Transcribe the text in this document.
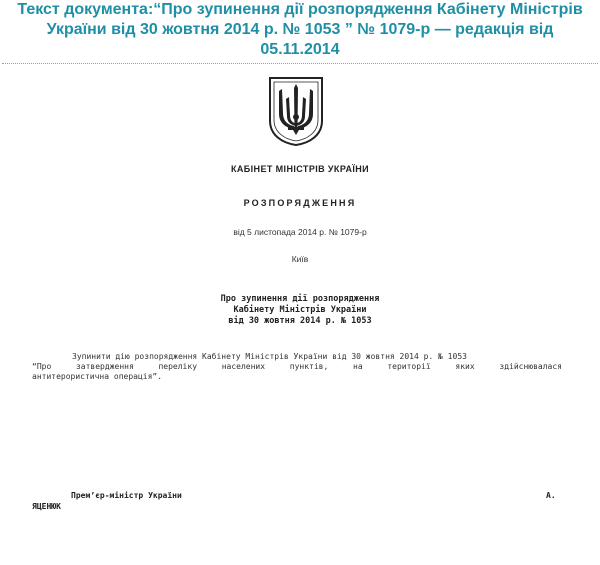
Текст документа:“Про зупинення дії розпорядження Кабінету Міністрів
України від 30 жовтня 2014 р. № 1053 ” № 1079-р — редакція від
05.11.2014
КАБІНЕТ МІНІСТРІВ УКРАЇНИ
РОЗПОРЯДЖЕННЯ
від 5 листопада 2014 р. № 1079-р
Київ
Про зупинення дії розпорядження
Кабінету Міністрів України
від 30 жовтня 2014 р. № 1053
Зупинити дію розпорядження Кабінету Міністрів України від 30 жовтня 2014 р. № 1053
“Про затвердження переліку населених пунктів, на території яких здійснювалася
антитерористична операція”.
Прем’єр-міністр України	А.
ЯЦЕНЮК
